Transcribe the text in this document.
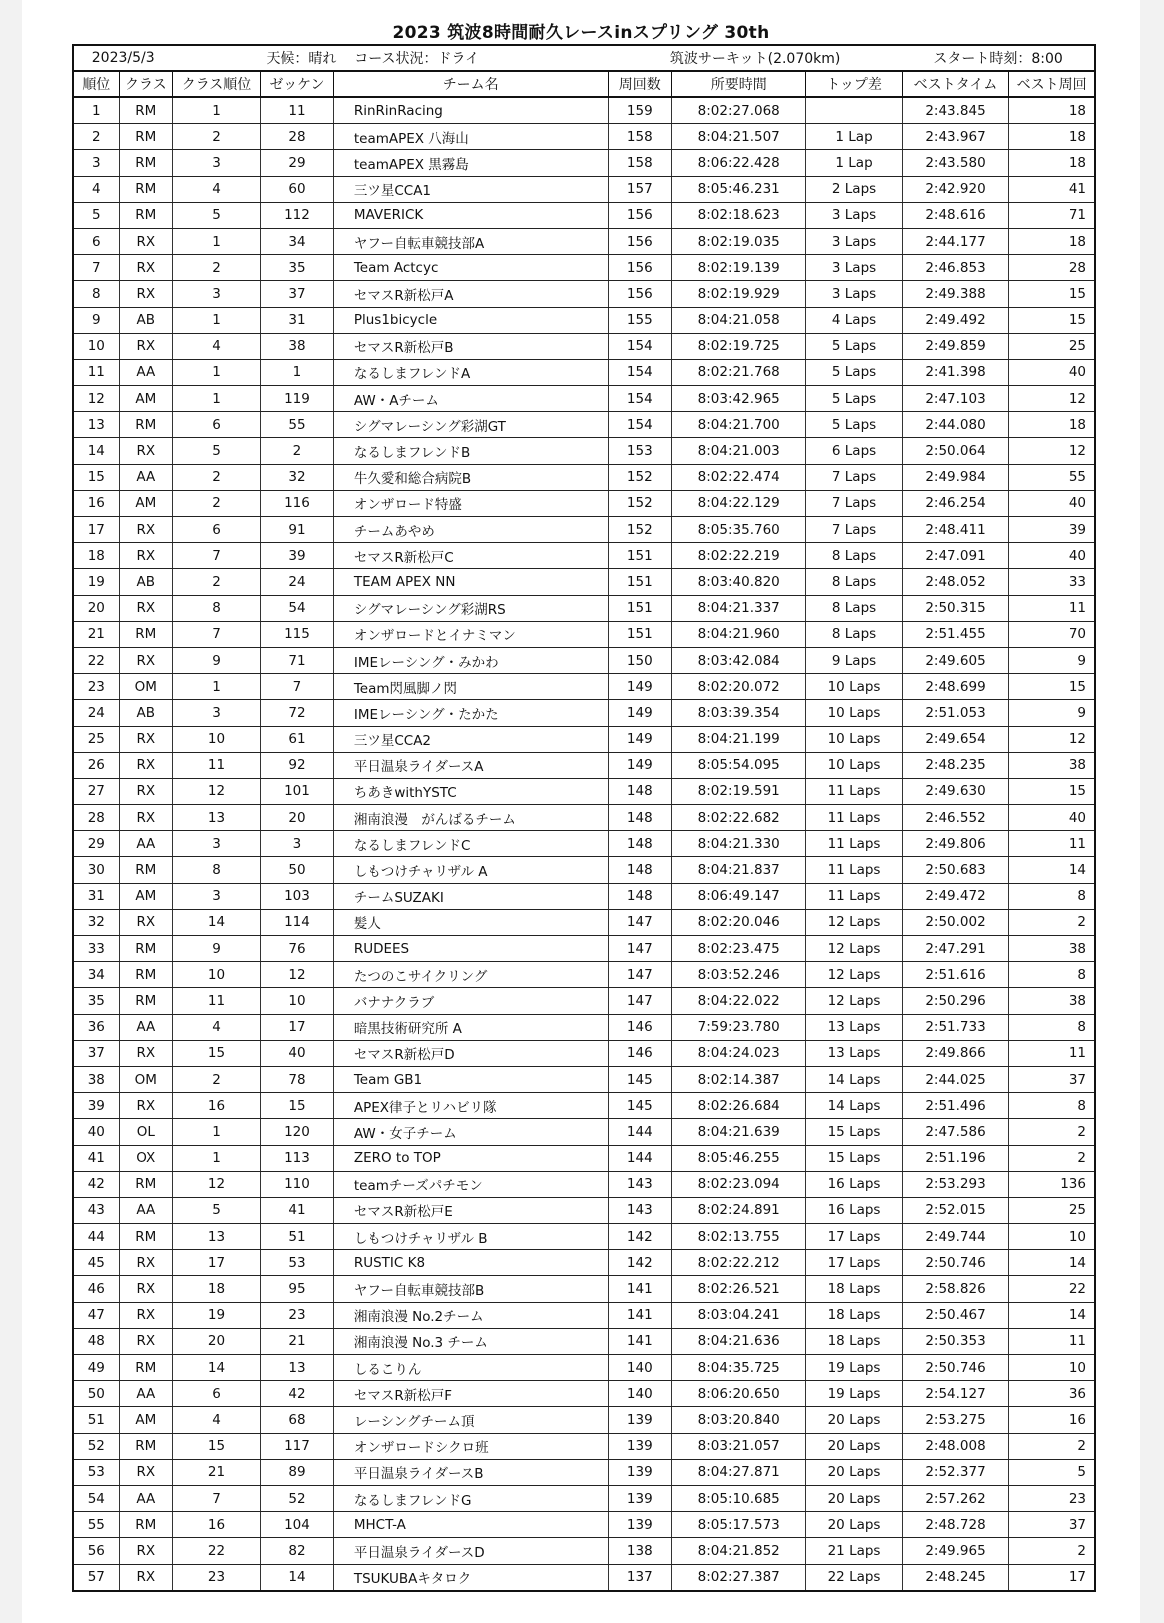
2023 筑波8時間耐久レースinスプリング 30th
2023/5/3		天候：晴れ コース状況：ドライ			筑波サーキット(2.070km)			スタート時刻：8:00	
順位	クラス	クラス順位	ゼッケン	チーム名	周回数	所要時間	トップ差	ベストタイム	ベスト周回
1	RM	1	11	RinRinRacing	159	8:02:27.068		2:43.845	18
2	RM	2	28	teamAPEX 八海山	158	8:04:21.507	1 Lap	2:43.967	18
3	RM	3	29	teamAPEX 黒霧島	158	8:06:22.428	1 Lap	2:43.580	18
4	RM	4	60	三ツ星CCA1	157	8:05:46.231	2 Laps	2:42.920	41
5	RM	5	112	MAVERICK	156	8:02:18.623	3 Laps	2:48.616	71
6	RX	1	34	ヤフー自転車競技部A	156	8:02:19.035	3 Laps	2:44.177	18
7	RX	2	35	Team Actcyc	156	8:02:19.139	3 Laps	2:46.853	28
8	RX	3	37	セマスR新松戸A	156	8:02:19.929	3 Laps	2:49.388	15
9	AB	1	31	Plus1bicycle	155	8:04:21.058	4 Laps	2:49.492	15
10	RX	4	38	セマスR新松戸B	154	8:02:19.725	5 Laps	2:49.859	25
11	AA	1	1	なるしまフレンドA	154	8:02:21.768	5 Laps	2:41.398	40
12	AM	1	119	AW・Aチーム	154	8:03:42.965	5 Laps	2:47.103	12
13	RM	6	55	シグマレーシング彩湖GT	154	8:04:21.700	5 Laps	2:44.080	18
14	RX	5	2	なるしまフレンドB	153	8:04:21.003	6 Laps	2:50.064	12
15	AA	2	32	牛久愛和総合病院B	152	8:02:22.474	7 Laps	2:49.984	55
16	AM	2	116	オンザロード特盛	152	8:04:22.129	7 Laps	2:46.254	40
17	RX	6	91	チームあやめ	152	8:05:35.760	7 Laps	2:48.411	39
18	RX	7	39	セマスR新松戸C	151	8:02:22.219	8 Laps	2:47.091	40
19	AB	2	24	TEAM APEX NN	151	8:03:40.820	8 Laps	2:48.052	33
20	RX	8	54	シグマレーシング彩湖RS	151	8:04:21.337	8 Laps	2:50.315	11
21	RM	7	115	オンザロードとイナミマン	151	8:04:21.960	8 Laps	2:51.455	70
22	RX	9	71	IMEレーシング・みかわ	150	8:03:42.084	9 Laps	2:49.605	9
23	OM	1	7	Team閃風脚ノ閃	149	8:02:20.072	10 Laps	2:48.699	15
24	AB	3	72	IMEレーシング・たかた	149	8:03:39.354	10 Laps	2:51.053	9
25	RX	10	61	三ツ星CCA2	149	8:04:21.199	10 Laps	2:49.654	12
26	RX	11	92	平日温泉ライダースA	149	8:05:54.095	10 Laps	2:48.235	38
27	RX	12	101	ちあきwithYSTC	148	8:02:19.591	11 Laps	2:49.630	15
28	RX	13	20	湘南浪漫　がんばるチーム	148	8:02:22.682	11 Laps	2:46.552	40
29	AA	3	3	なるしまフレンドC	148	8:04:21.330	11 Laps	2:49.806	11
30	RM	8	50	しもつけチャリザル A	148	8:04:21.837	11 Laps	2:50.683	14
31	AM	3	103	チームSUZAKI	148	8:06:49.147	11 Laps	2:49.472	8
32	RX	14	114	髪人	147	8:02:20.046	12 Laps	2:50.002	2
33	RM	9	76	RUDEES	147	8:02:23.475	12 Laps	2:47.291	38
34	RM	10	12	たつのこサイクリング	147	8:03:52.246	12 Laps	2:51.616	8
35	RM	11	10	バナナクラブ	147	8:04:22.022	12 Laps	2:50.296	38
36	AA	4	17	暗黒技術研究所 A	146	7:59:23.780	13 Laps	2:51.733	8
37	RX	15	40	セマスR新松戸D	146	8:04:24.023	13 Laps	2:49.866	11
38	OM	2	78	Team GB1	145	8:02:14.387	14 Laps	2:44.025	37
39	RX	16	15	APEX律子とリハビリ隊	145	8:02:26.684	14 Laps	2:51.496	8
40	OL	1	120	AW・女子チーム	144	8:04:21.639	15 Laps	2:47.586	2
41	OX	1	113	ZERO to TOP	144	8:05:46.255	15 Laps	2:51.196	2
42	RM	12	110	teamチーズパチモン	143	8:02:23.094	16 Laps	2:53.293	136
43	AA	5	41	セマスR新松戸E	143	8:02:24.891	16 Laps	2:52.015	25
44	RM	13	51	しもつけチャリザル B	142	8:02:13.755	17 Laps	2:49.744	10
45	RX	17	53	RUSTIC K8	142	8:02:22.212	17 Laps	2:50.746	14
46	RX	18	95	ヤフー自転車競技部B	141	8:02:26.521	18 Laps	2:58.826	22
47	RX	19	23	湘南浪漫 No.2チーム	141	8:03:04.241	18 Laps	2:50.467	14
48	RX	20	21	湘南浪漫 No.3 チーム	141	8:04:21.636	18 Laps	2:50.353	11
49	RM	14	13	しるこりん	140	8:04:35.725	19 Laps	2:50.746	10
50	AA	6	42	セマスR新松戸F	140	8:06:20.650	19 Laps	2:54.127	36
51	AM	4	68	レーシングチーム頂	139	8:03:20.840	20 Laps	2:53.275	16
52	RM	15	117	オンザロードシクロ班	139	8:03:21.057	20 Laps	2:48.008	2
53	RX	21	89	平日温泉ライダースB	139	8:04:27.871	20 Laps	2:52.377	5
54	AA	7	52	なるしまフレンドG	139	8:05:10.685	20 Laps	2:57.262	23
55	RM	16	104	MHCT-A	139	8:05:17.573	20 Laps	2:48.728	37
56	RX	22	82	平日温泉ライダースD	138	8:04:21.852	21 Laps	2:49.965	2
57	RX	23	14	TSUKUBAキタロク	137	8:02:27.387	22 Laps	2:48.245	17
